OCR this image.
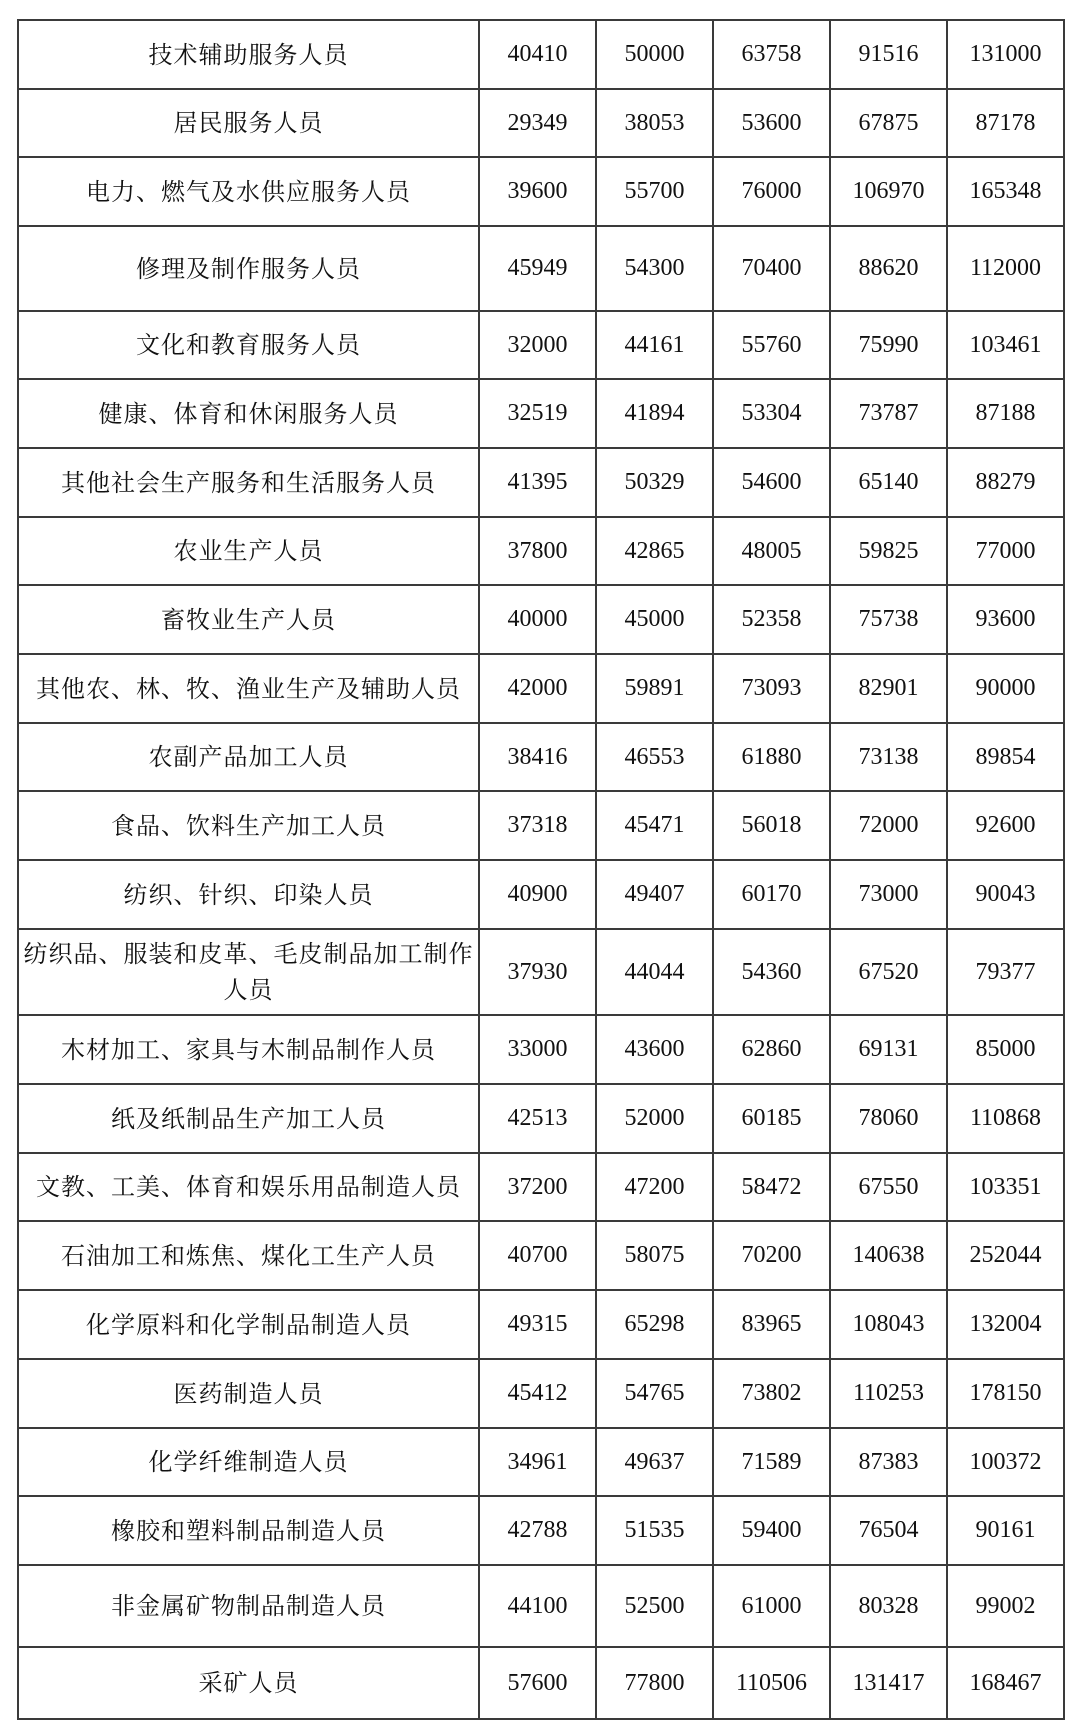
技术辅助服务人员	40410	50000	63758	91516	131000
居民服务人员	29349	38053	53600	67875	87178
电力、燃气及水供应服务人员	39600	55700	76000	106970	165348
修理及制作服务人员	45949	54300	70400	88620	112000
文化和教育服务人员	32000	44161	55760	75990	103461
健康、体育和休闲服务人员	32519	41894	53304	73787	87188
其他社会生产服务和生活服务人员	41395	50329	54600	65140	88279
农业生产人员	37800	42865	48005	59825	77000
畜牧业生产人员	40000	45000	52358	75738	93600
其他农、林、牧、渔业生产及辅助人员	42000	59891	73093	82901	90000
农副产品加工人员	38416	46553	61880	73138	89854
食品、饮料生产加工人员	37318	45471	56018	72000	92600
纺织、针织、印染人员	40900	49407	60170	73000	90043
纺织品、服装和皮革、毛皮制品加工制作人员	37930	44044	54360	67520	79377
木材加工、家具与木制品制作人员	33000	43600	62860	69131	85000
纸及纸制品生产加工人员	42513	52000	60185	78060	110868
文教、工美、体育和娱乐用品制造人员	37200	47200	58472	67550	103351
石油加工和炼焦、煤化工生产人员	40700	58075	70200	140638	252044
化学原料和化学制品制造人员	49315	65298	83965	108043	132004
医药制造人员	45412	54765	73802	110253	178150
化学纤维制造人员	34961	49637	71589	87383	100372
橡胶和塑料制品制造人员	42788	51535	59400	76504	90161
非金属矿物制品制造人员	44100	52500	61000	80328	99002
采矿人员	57600	77800	110506	131417	168467
